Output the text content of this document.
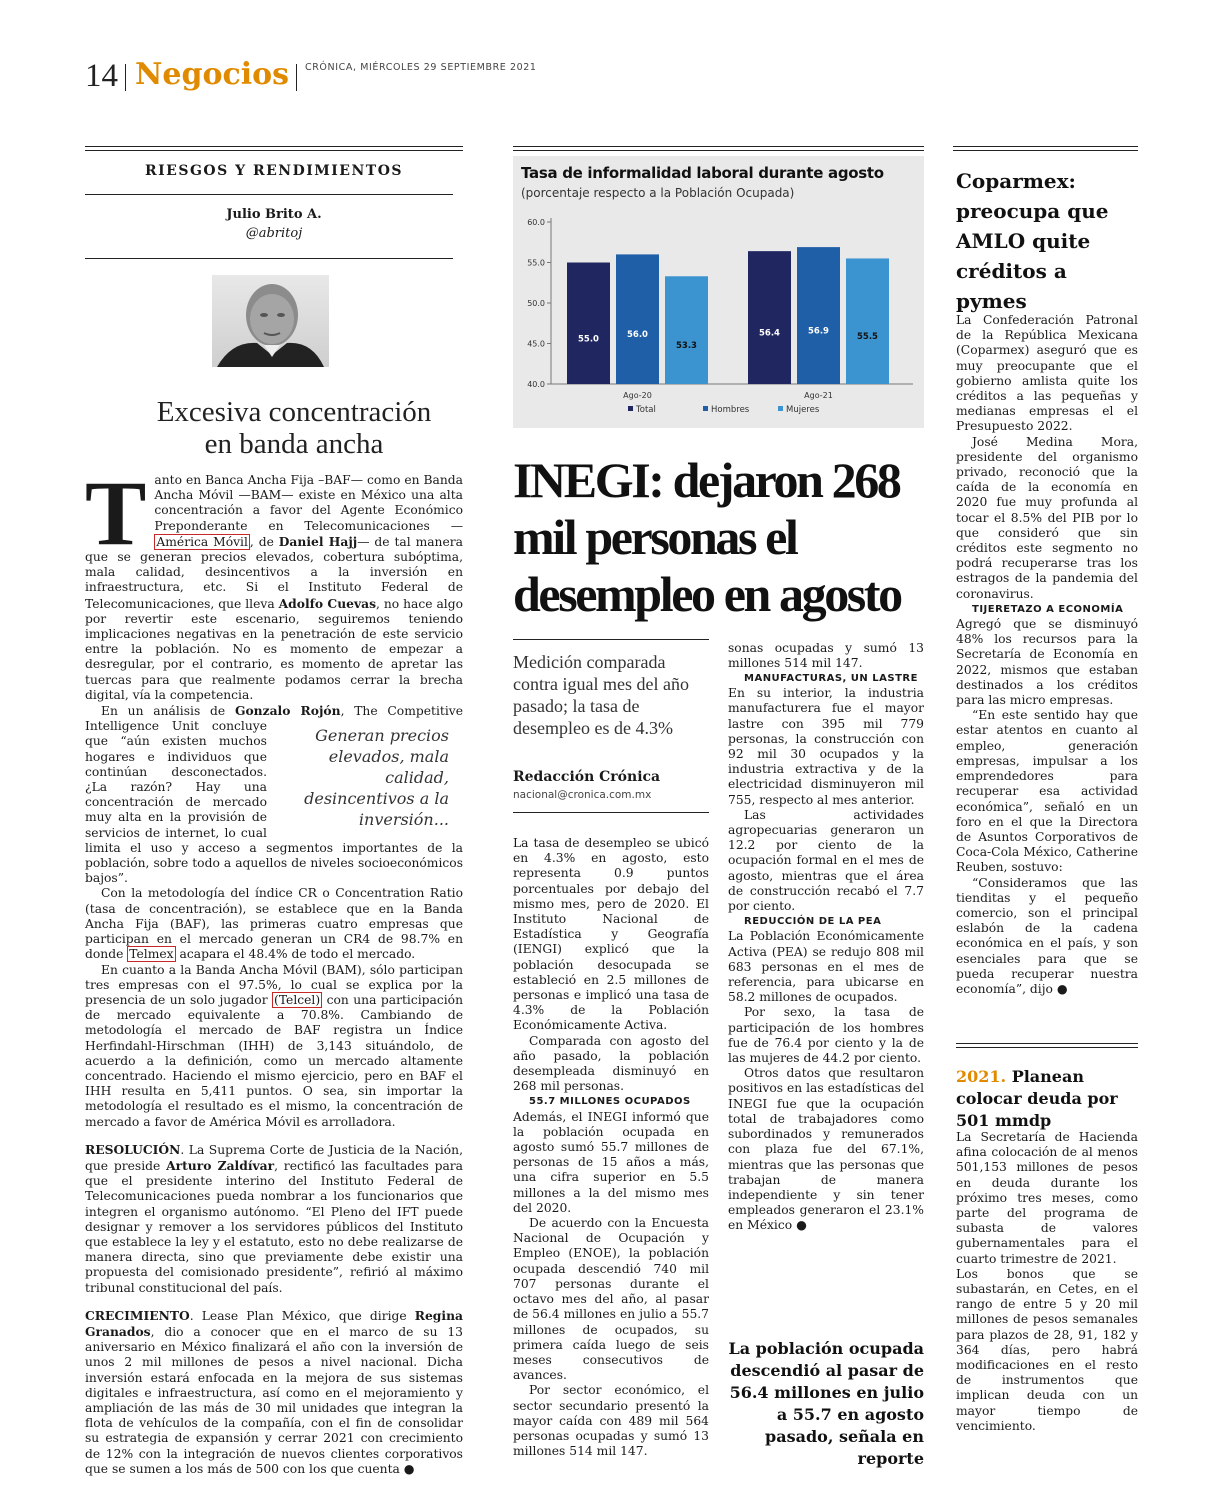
14 Negocios CRÓNICA, MIÉRCOLES 29 SEPTIEMBRE 2021
RIESGOS Y RENDIMIENTOS
Julio Brito A.
@abritoj
Excesiva concentración
en banda ancha

Tanto en Banca Ancha Fija –BAF— como en Banda Ancha Móvil —BAM— existe en México una alta concentración a favor del Agente Económico Preponderante en Telecomunicaciones —América Móvil , de Daniel Hajj— de tal manera que se generan precios elevados, cobertura subóptima, mala calidad, desincentivos a la inversión en infraestructura, etc. Si el Instituto Federal de Telecomunicaciones, que lleva Adolfo Cuevas, no hace algo por revertir este escenario, seguiremos teniendo implicaciones negativas en la penetración de este servicio entre la población. No es momento de empezar a desregular, por el contrario, es momento de apretar las tuercas para que realmente podamos cerrar la brecha digital, vía la competencia.

En un análisis de Gonzalo Rojón
Generan precios elevados, mala calidad, desincentivos a la inversión...
, The Competitive Intelligence Unit concluye que “aún existen muchos hogares e individuos que continúan desconectados. ¿La razón? Hay una concentración de mercado muy alta en la provisión de servicios de internet, lo cual limita el uso y acceso a segmentos importantes de la población, sobre todo a aquellos de niveles socioeconómicos bajos”.

Con la metodología del índice CR o Concentration Ratio (tasa de concentración), se establece que en la Banda Ancha Fija (BAF), las primeras cuatro empresas que participan en el mercado generan un CR4 de 98.7% en donde Telmex acapara el 48.4% de todo el mercado.

En cuanto a la Banda Ancha Móvil (BAM), sólo participan tres empresas con el 97.5%, lo cual se explica por la presencia de un solo jugador (Telcel) con una participación de mercado equivalente a 70.8%. Cambiando de metodología el mercado de BAF registra un Índice Herfindahl-Hirschman (IHH) de 3,143 situándolo, de acuerdo a la definición, como un mercado altamente concentrado. Haciendo el mismo ejercicio, pero en BAF el IHH resulta en 5,411 puntos. O sea, sin importar la metodología el resultado es el mismo, la concentración de mercado a favor de América Móvil es arrolladora.

RESOLUCIÓN. La Suprema Corte de Justicia de la Nación, que preside Arturo Zaldívar, rectificó las facultades para que el presidente interino del Instituto Federal de Telecomunicaciones pueda nombrar a los funcionarios que integren el organismo autónomo. “El Pleno del IFT puede designar y remover a los servidores públicos del Instituto que establece la ley y el estatuto, esto no debe realizarse de manera directa, sino que previamente debe existir una propuesta del comisionado presidente”, refirió al máximo tribunal constitucional del país.

CRECIMIENTO. Lease Plan México, que dirige Regina Granados, dio a conocer que en el marco de su 13 aniversario en México finalizará el año con la inversión de unos 2 mil millones de pesos a nivel nacional. Dicha inversión estará enfocada en la mejora de sus sistemas digitales e infraestructura, así como en el mejoramiento y ampliación de las más de 30 mil unidades que integran la flota de vehículos de la compañía, con el fin de consolidar su estrategia de expansión y cerrar 2021 con crecimiento de 12% con la integración de nuevos clientes corporativos que se sumen a los más de 500 con los que cuenta ●

Tasa de informalidad laboral durante agosto
(porcentaje respecto a la Población Ocupada)
40.0
45.0
50.0
55.0
60.0
55.0	56.0
53.3
Ago-20
56.4	56.9
55.5
Ago-21
Total	Hombres	Mujeres
INEGI: dejaron 268 mil personas el desempleo en agosto
Medición comparada contra igual mes del año pasado; la tasa de desempleo es de 4.3%
Redacción Crónica
nacional@cronica.com.mx

La tasa de desempleo se ubicó en 4.3% en agosto, esto representa 0.9 puntos porcentuales por debajo del mismo mes, pero de 2020. El Instituto Nacional de Estadística y Geografía (IENGI) explicó que la población desocupada se estableció en 2.5 millones de personas e implicó una tasa de 4.3% de la Población Económicamente Activa.

Comparada con agosto del año pasado, la población desempleada disminuyó en 268 mil personas.

55.7 MILLONES OCUPADOS

Además, el INEGI informó que la población ocupada en agosto sumó 55.7 millones de personas de 15 años a más, una cifra superior en 5.5 millones a la del mismo mes del 2020.

De acuerdo con la Encuesta Nacional de Ocupación y Empleo (ENOE), la población ocupada descendió 740 mil 707 personas durante el octavo mes del año, al pasar de 56.4 millones en julio a 55.7 millones de ocupados, su primera caída luego de seis meses consecutivos de avances.

Por sector económico, el sector secundario presentó la mayor caída con 489 mil 564 personas ocupadas y sumó 13 millones 514 mil 147.

sonas ocupadas y sumó 13 millones 514 mil 147.

MANUFACTURAS, UN LASTRE

En su interior, la industria manufacturera fue el mayor lastre con 395 mil 779 personas, la construcción con 92 mil 30 ocupados y la industria extractiva y de la electricidad disminuyeron mil 755, respecto al mes anterior.

Las actividades agropecuarias generaron un 12.2 por ciento de la ocupación formal en el mes de agosto, mientras que el área de construcción recabó el 7.7 por ciento.

REDUCCIÓN DE LA PEA

La Población Económicamente Activa (PEA) se redujo 808 mil 683 personas en el mes de referencia, para ubicarse en 58.2 millones de ocupados.

Por sexo, la tasa de participación de los hombres fue de 76.4 por ciento y la de las mujeres de 44.2 por ciento.

Otros datos que resultaron positivos en las estadísticas del INEGI fue que la ocupación total de trabajadores como subordinados y remunerados con plaza fue del 67.1%, mientras que las personas que trabajan de manera independiente y sin tener empleados generaron el 23.1% en México ●

La población ocupada descendió al pasar de 56.4 millones en julio a 55.7 en agosto pasado, señala en reporte
Coparmex: preocupa que AMLO quite créditos a pymes

La Confederación Patronal de la República Mexicana (Coparmex) aseguró que es muy preocupante que el gobierno amlista quite los créditos a las pequeñas y medianas empresas el el Presupuesto 2022.

José Medina Mora, presidente del organismo privado, reconoció que la caída de la economía en 2020 fue muy profunda al tocar el 8.5% del PIB por lo que consideró que sin créditos este segmento no podrá recuperarse tras los estragos de la pandemia del coronavirus.

TIJERETAZO A ECONOMÍA

Agregó que se disminuyó 48% los recursos para la Secretaría de Economía en 2022, mismos que estaban destinados a los créditos para las micro empresas.

“En este sentido hay que estar atentos en cuanto al empleo, generación empresas, impulsar a los emprendedores para recuperar esa actividad económica”, señaló en un foro en el que la Directora de Asuntos Corporativos de Coca-Cola México, Catherine Reuben, sostuvo:

“Consideramos que las tienditas y el pequeño comercio, son el principal eslabón de la cadena económica en el país, y son esenciales para que se pueda recuperar nuestra economía”, dijo ●

2021. Planean colocar deuda por 501 mmdp

La Secretaría de Hacienda afina colocación de al menos 501,153 millones de pesos en deuda durante los próximo tres meses, como parte del programa de subasta de valores gubernamentales para el cuarto trimestre de 2021.

Los bonos que se subastarán, en Cetes, en el rango de entre 5 y 20 mil millones de pesos semanales para plazos de 28, 91, 182 y 364 días, pero habrá modificaciones en el resto de instrumentos que implican deuda con un mayor tiempo de vencimiento.
